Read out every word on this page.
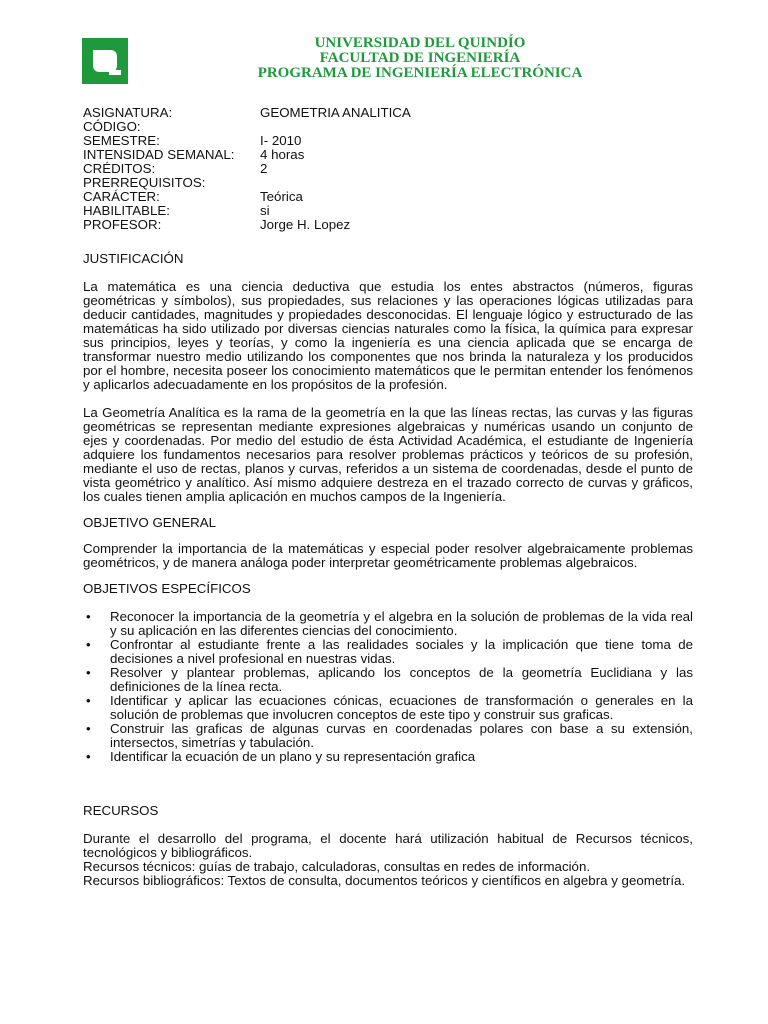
UNIVERSIDAD DEL QUINDÍO
FACULTAD DE INGENIERÍA
PROGRAMA DE INGENIERÍA ELECTRÓNICA
ASIGNATURA:	GEOMETRIA ANALITICA
CÓDIGO:
SEMESTRE:	I- 2010
INTENSIDAD SEMANAL:	4 horas
CRÉDITOS:	2
PRERREQUISITOS:
CARÁCTER:	Teórica
HABILITABLE:	si
PROFESOR:	Jorge H. Lopez
JUSTIFICACIÓN

La matemática es una ciencia deductiva que estudia los entes abstractos (números, figuras geométricas y símbolos), sus propiedades, sus relaciones y las operaciones lógicas utilizadas para deducir cantidades, magnitudes y propiedades desconocidas. El lenguaje lógico y estructurado de las matemáticas ha sido utilizado por diversas ciencias naturales como la física, la química para expresar sus principios, leyes y teorías, y como la ingeniería es una ciencia aplicada que se encarga de transformar nuestro medio utilizando los componentes que nos brinda la naturaleza y los producidos por el hombre, necesita poseer los conocimiento matemáticos que le permitan entender los fenómenos y aplicarlos adecuadamente en los propósitos de la profesión.

La Geometría Analítica es la rama de la geometría en la que las líneas rectas, las curvas y las figuras geométricas se representan mediante expresiones algebraicas y numéricas usando un conjunto de ejes y coordenadas. Por medio del estudio de ésta Actividad Académica, el estudiante de Ingeniería adquiere los fundamentos necesarios para resolver problemas prácticos y teóricos de su profesión, mediante el uso de rectas, planos y curvas, referidos a un sistema de coordenadas, desde el punto de vista geométrico y analítico. Así mismo adquiere destreza en el trazado correcto de curvas y gráficos, los cuales tienen amplia aplicación en muchos campos de la Ingeniería.

OBJETIVO GENERAL

Comprender la importancia de la matemáticas y especial poder resolver algebraicamente problemas geométricos, y de manera análoga poder interpretar geométricamente problemas algebraicos.

OBJETIVOS ESPECÍFICOS
• Reconocer la importancia de la geometría y el algebra en la solución de problemas de la vida real y su aplicación en las diferentes ciencias del conocimiento.
• Confrontar al estudiante frente a las realidades sociales y la implicación que tiene toma de decisiones a nivel profesional en nuestras vidas.
• Resolver y plantear problemas, aplicando los conceptos de la geometría Euclidiana y las definiciones de la línea recta.
• Identificar y aplicar las ecuaciones cónicas, ecuaciones de transformación o generales en la solución de problemas que involucren conceptos de este tipo y construir sus graficas.
• Construir las graficas de algunas curvas en coordenadas polares con base a su extensión, intersectos, simetrías y tabulación.
• Identificar la ecuación de un plano y su representación grafica
RECURSOS

Durante el desarrollo del programa, el docente hará utilización habitual de Recursos técnicos, tecnológicos y bibliográficos.

Recursos técnicos: guías de trabajo, calculadoras, consultas en redes de información.

Recursos bibliográficos: Textos de consulta, documentos teóricos y científicos en algebra y geometría.
